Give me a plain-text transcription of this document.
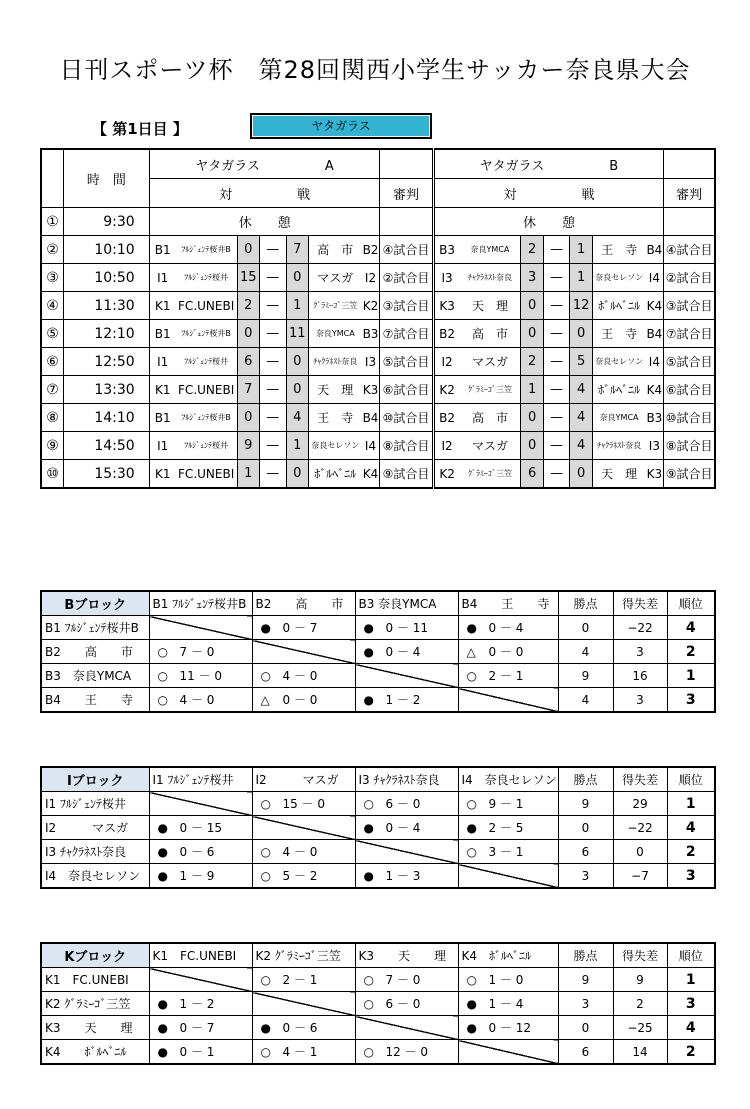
日刊スポーツ杯　第28回関西小学生サッカー奈良県大会
【 第1日目 】	ヤタガラス
	時　間	ヤタガラス　　　　　A								ヤタガラス　　　　　B							
		対　　　　　戦							審判	対　　　　　戦							審判
①	9:30	休　　憩								休　　憩							
②	10:10	B1	ﾌﾙｼﾞｪﾝﾃ桜井B	0	—	7	高　市	B2	④試合目	B3	奈良YMCA	2	—	1	王　寺	B4	④試合目
③	10:50	I1	ﾌﾙｼﾞｪﾝﾃ桜井	15	—	0	マスガ	I2	②試合目	I3	ﾁｬｸﾗﾈｽﾄ奈良	3	—	1	奈良セレソン	I4	②試合目
④	11:30	K1	FC.UNEBI	2	—	1	ｸﾞﾗﾐｰｺﾞ三笠	K2	③試合目	K3	天　理	0	—	12	ﾎﾞﾙﾍﾞﾆﾙ	K4	③試合目
⑤	12:10	B1	ﾌﾙｼﾞｪﾝﾃ桜井B	0	—	11	奈良YMCA	B3	⑦試合目	B2	高　市	0	—	0	王　寺	B4	⑦試合目
⑥	12:50	I1	ﾌﾙｼﾞｪﾝﾃ桜井	6	—	0	ﾁｬｸﾗﾈｽﾄ奈良	I3	⑤試合目	I2	マスガ	2	—	5	奈良セレソン	I4	⑤試合目
⑦	13:30	K1	FC.UNEBI	7	—	0	天　理	K3	⑥試合目	K2	ｸﾞﾗﾐｰｺﾞ三笠	1	—	4	ﾎﾞﾙﾍﾞﾆﾙ	K4	⑥試合目
⑧	14:10	B1	ﾌﾙｼﾞｪﾝﾃ桜井B	0	—	4	王　寺	B4	⑩試合目	B2	高　市	0	—	4	奈良YMCA	B3	⑩試合目
⑨	14:50	I1	ﾌﾙｼﾞｪﾝﾃ桜井	9	—	1	奈良セレソン	I4	⑧試合目	I2	マスガ	0	—	4	ﾁｬｸﾗﾈｽﾄ奈良	I3	⑧試合目
⑩	15:30	K1	FC.UNEBI	1	—	0	ﾎﾞﾙﾍﾞﾆﾙ	K4	⑨試合目	K2	ｸﾞﾗﾐｰｺﾞ三笠	6	—	0	天　理	K3	⑨試合目
Bブロック	B1 ﾌﾙｼﾞｪﾝﾃ桜井B	B2　　高　　市	B3 奈良YMCA	B4　　王　　寺	勝点	得失差	順位
B1 ﾌﾙｼﾞｪﾝﾃ桜井B		● 0 － 7	● 0 － 11	● 0 － 4	0	−22	4
B2　　高　　市	○ 7 － 0		● 0 － 4	△ 0 － 0	4	3	2
B3　奈良YMCA	○ 11 － 0	○ 4 － 0		○ 2 － 1	9	16	1
B4　　王　　寺	○ 4 － 0	△ 0 － 0	● 1 － 2		4	3	3
Iブロック	I1 ﾌﾙｼﾞｪﾝﾃ桜井	I2　　　マスガ	I3 ﾁｬｸﾗﾈｽﾄ奈良	I4　奈良セレソン	勝点	得失差	順位
I1 ﾌﾙｼﾞｪﾝﾃ桜井		○ 15 － 0	○ 6 － 0	○ 9 － 1	9	29	1
I2　　　マスガ	● 0 － 15		● 0 － 4	● 2 － 5	0	−22	4
I3 ﾁｬｸﾗﾈｽﾄ奈良	● 0 － 6	○ 4 － 0		○ 3 － 1	6	0	2
I4　奈良セレソン	● 1 － 9	○ 5 － 2	● 1 － 3		3	−7	3
Kブロック	K1　FC.UNEBI	K2 ｸﾞﾗﾐｰｺﾞ三笠	K3　　天　　理	K4　ﾎﾞﾙﾍﾞﾆﾙ	勝点	得失差	順位
K1　FC.UNEBI		○ 2 － 1	○ 7 － 0	○ 1 － 0	9	9	1
K2 ｸﾞﾗﾐｰｺﾞ三笠	● 1 － 2		○ 6 － 0	● 1 － 4	3	2	3
K3　　天　　理	● 0 － 7	● 0 － 6		● 0 － 12	0	−25	4
K4　　ﾎﾞﾙﾍﾞﾆﾙ	● 0 － 1	○ 4 － 1	○ 12 － 0		6	14	2
